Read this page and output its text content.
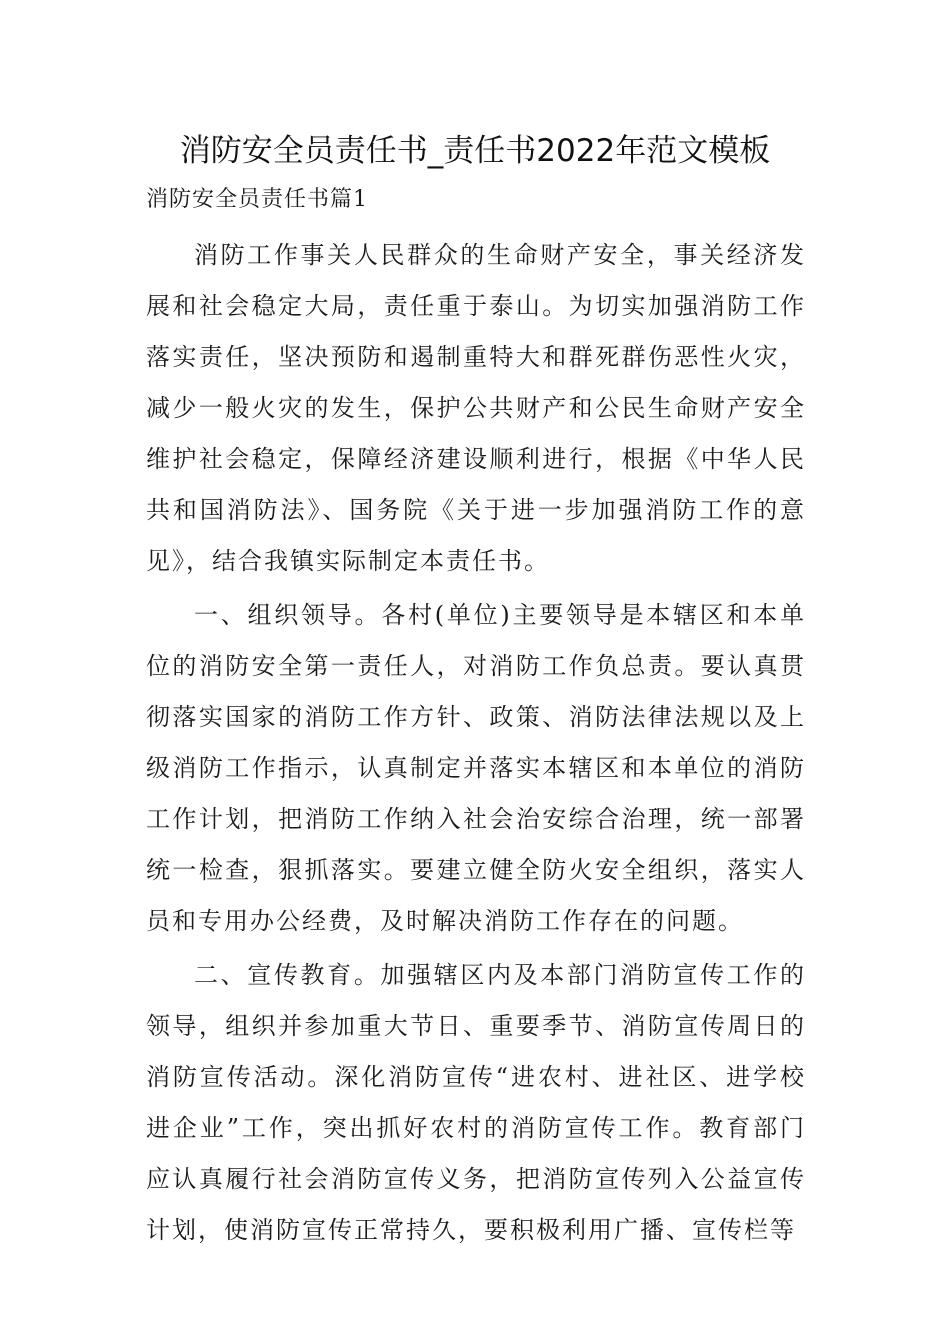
消防安全员责任书_责任书2022年范文模板
消防安全员责任书篇1

消防工作事关人民群众的生命财产安全，事关经济发展和社会稳定大局，责任重于泰山。为切实加强消防工作落实责任，坚决预防和遏制重特大和群死群伤恶性火灾，减少一般火灾的发生，保护公共财产和公民生命财产安全维护社会稳定，保障经济建设顺利进行，根据《中华人民共和国消防法》、国务院《关于进一步加强消防工作的意见》，结合我镇实际制定本责任书。

一、组织领导。各村(单位)主要领导是本辖区和本单位的消防安全第一责任人，对消防工作负总责。要认真贯彻落实国家的消防工作方针、政策、消防法律法规以及上级消防工作指示，认真制定并落实本辖区和本单位的消防工作计划，把消防工作纳入社会治安综合治理，统一部署统一检查，狠抓落实。要建立健全防火安全组织，落实人员和专用办公经费，及时解决消防工作存在的问题。

二、宣传教育。加强辖区内及本部门消防宣传工作的领导，组织并参加重大节日、重要季节、消防宣传周日的消防宣传活动。深化消防宣传“进农村、进社区、进学校进企业”工作，突出抓好农村的消防宣传工作。教育部门应认真履行社会消防宣传义务，把消防宣传列入公益宣传计划，使消防宣传正常持久，要积极利用广播、宣传栏等
